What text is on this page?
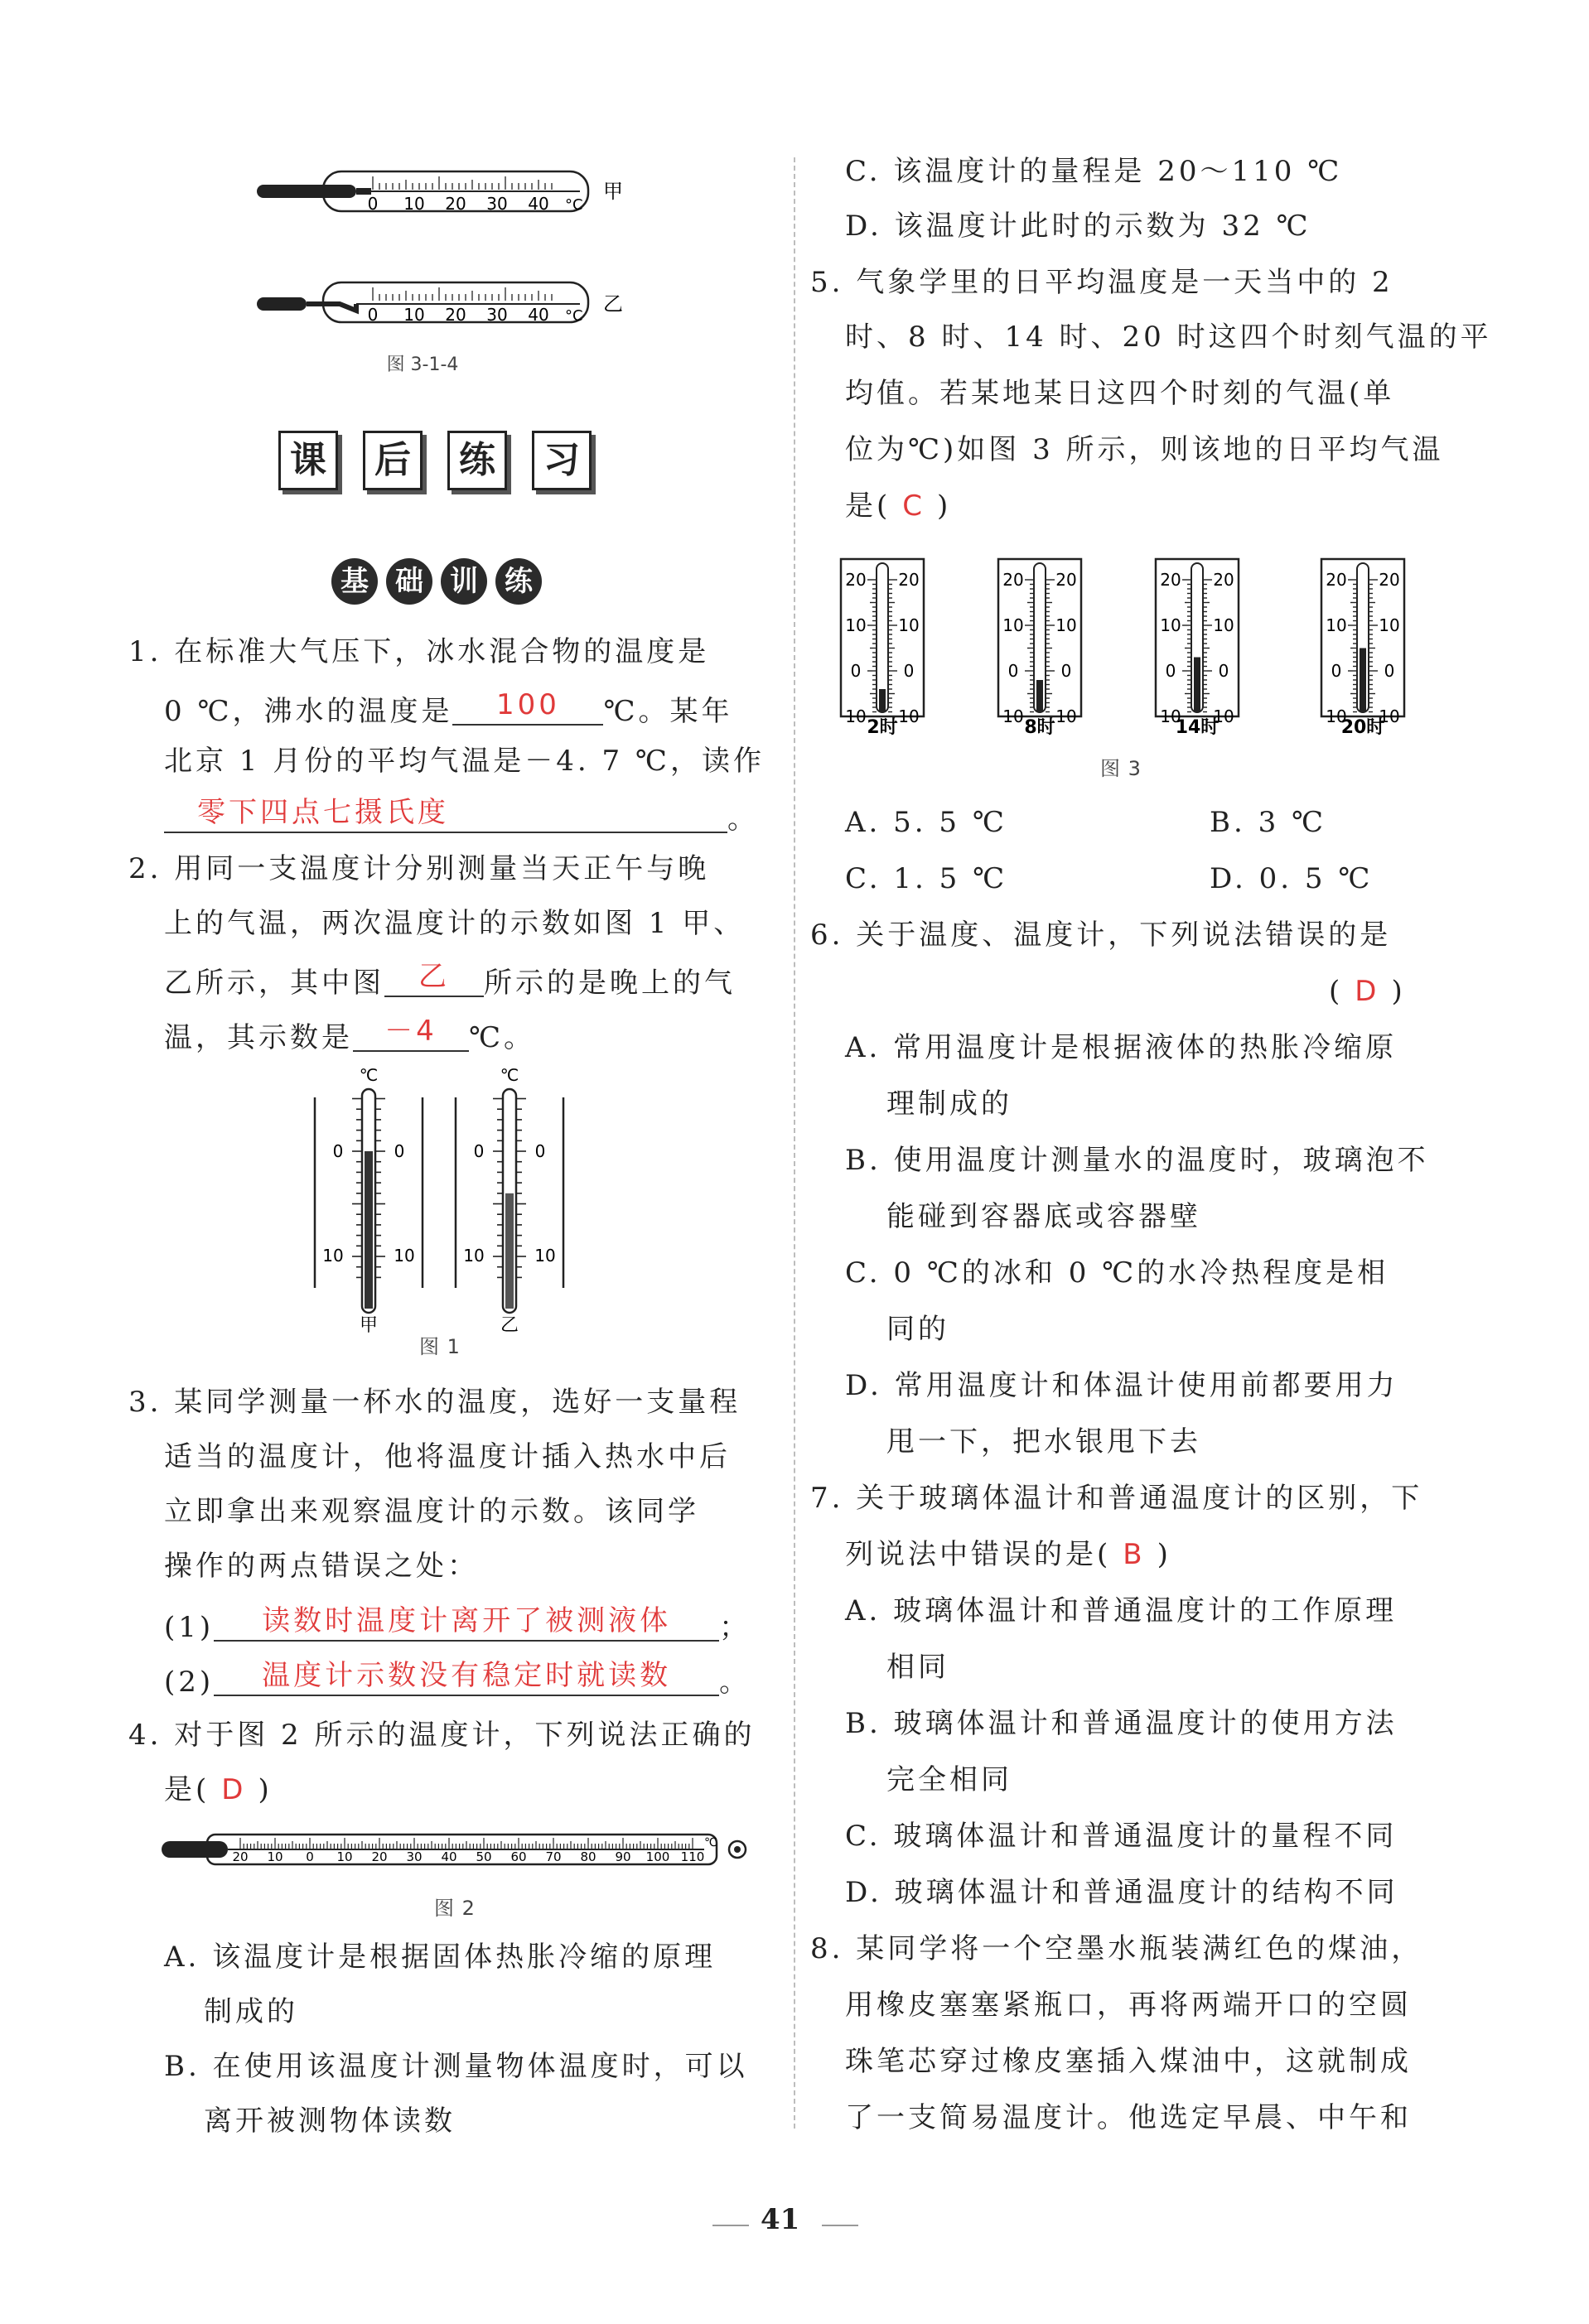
0 10 20 30 40 °C
甲
0 10 20 30 40 °C
乙
图 3-1-4
课	后	练	习
基 础 训 练
1. 在标准大气压下，冰水混合物的温度是
0 ℃，沸水的温度是 100 ℃。某年
北京 1 月份的平均气温是－4. 7 ℃，读作
零下四点七摄氏度	。
2. 用同一支温度计分别测量当天正午与晚
上的气温，两次温度计的示数如图 1 甲、
乙所示，其中图 乙 所示的是晚上的气
温，其示数是 －4 ℃。
℃
0	0
10	10
甲
℃
0	0
10	10
乙
图 1
3. 某同学测量一杯水的温度，选好一支量程
适当的温度计，他将温度计插入热水中后
立即拿出来观察温度计的示数。该同学
操作的两点错误之处：
(1) 读数时温度计离开了被测液体 ；
(2) 温度计示数没有稳定时就读数 。
4. 对于图 2 所示的温度计，下列说法正确的
是( D )
20 10 0 10 20 30 40 50 60 70 80 90 100 110
℃
图 2
A. 该温度计是根据固体热胀冷缩的原理
制成的
B. 在使用该温度计测量物体温度时，可以
离开被测物体读数
C. 该温度计的量程是 20～110 ℃
D. 该温度计此时的示数为 32 ℃
5. 气象学里的日平均温度是一天当中的 2
时、8 时、14 时、20 时这四个时刻气温的平
均值。若某地某日这四个时刻的气温(单
位为℃)如图 3 所示，则该地的日平均气温
是( C )
20 20
10 10
0	0
10 10
2时
20 20
10 10
0	0
10 10
8时
20 20
10 10
0	0
10 10
14时
20 20
10 10
0	0
10 10
20时
图 3
A. 5. 5 ℃	B. 3 ℃
C. 1. 5 ℃	D. 0. 5 ℃
6. 关于温度、温度计，下列说法错误的是
( D )
A. 常用温度计是根据液体的热胀冷缩原
理制成的
B. 使用温度计测量水的温度时，玻璃泡不
能碰到容器底或容器壁
C. 0 ℃的冰和 0 ℃的水冷热程度是相
同的
D. 常用温度计和体温计使用前都要用力
甩一下，把水银甩下去
7. 关于玻璃体温计和普通温度计的区别，下
列说法中错误的是( B )
A. 玻璃体温计和普通温度计的工作原理
相同
B. 玻璃体温计和普通温度计的使用方法
完全相同
C. 玻璃体温计和普通温度计的量程不同
D. 玻璃体温计和普通温度计的结构不同
8. 某同学将一个空墨水瓶装满红色的煤油，
用橡皮塞塞紧瓶口，再将两端开口的空圆
珠笔芯穿过橡皮塞插入煤油中，这就制成
了一支简易温度计。他选定早晨、中午和
41
